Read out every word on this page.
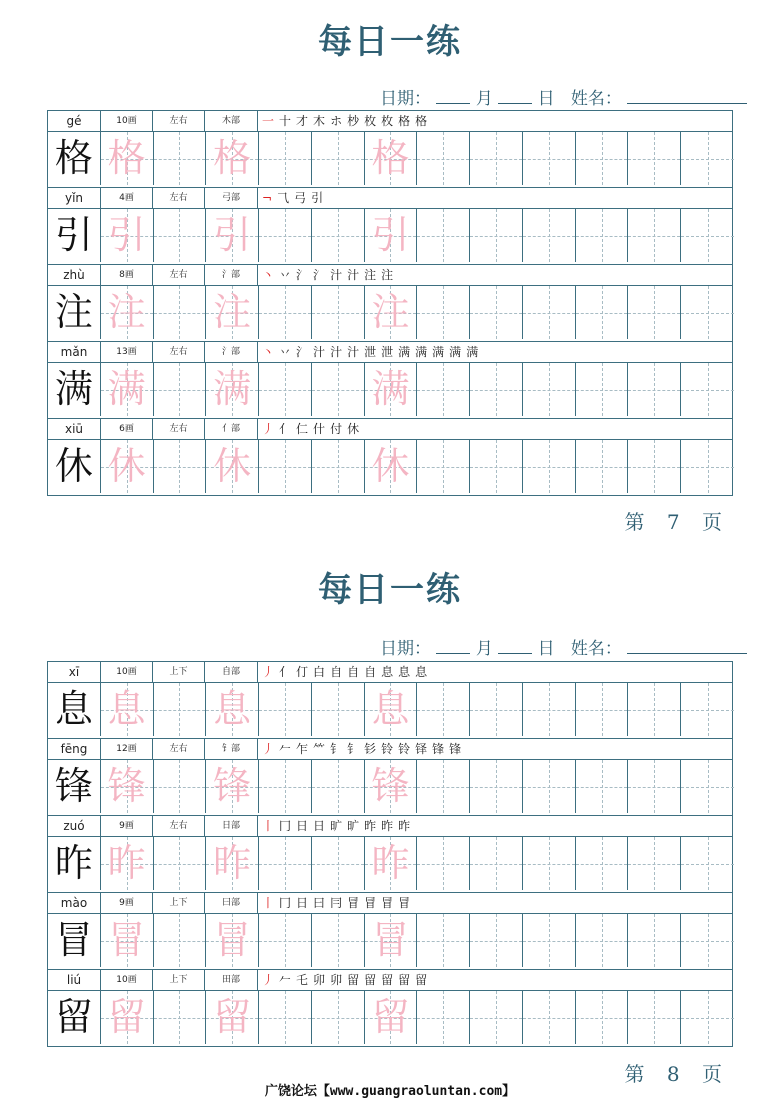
每日一练
日期：	月	日 姓名：
gé	10画	左右	木部	一十才木ホ杪枚枚格格
格 格 格	格
yǐn	4画	左右	弓部	¬⺄弓引
引 引 引	引
zhù	8画	左右	氵部	丶丷氵氵汁汁注注
注 注 注	注
mǎn	13画	左右	氵部	丶丷氵汁汁汁泄泄满满满满满
满 满 满	满
xiū	6画	左右	亻部	丿亻仁什付休
休 休 休	休
第 7 页
每日一练
日期：	月	日 姓名：
xī	10画	上下	自部	丿亻仃白自自自息息息
息 息 息	息
fēng	12画	左右	钅部	丿𠂉乍⺮钅钅钐铃铃铎锋锋
锋 锋 锋	锋
zuó	9画	左右	日部	丨冂日日旷旷昨昨昨
昨 昨 昨	昨
mào	9画	上下	曰部	丨冂日曰冃冒冒冒冒
冒 冒 冒	冒
liú	10画	上下	田部	丿𠂉乇卯卯留留留留留
留 留 留	留
第 8 页
广饶论坛【www.guangraoluntan.com】
